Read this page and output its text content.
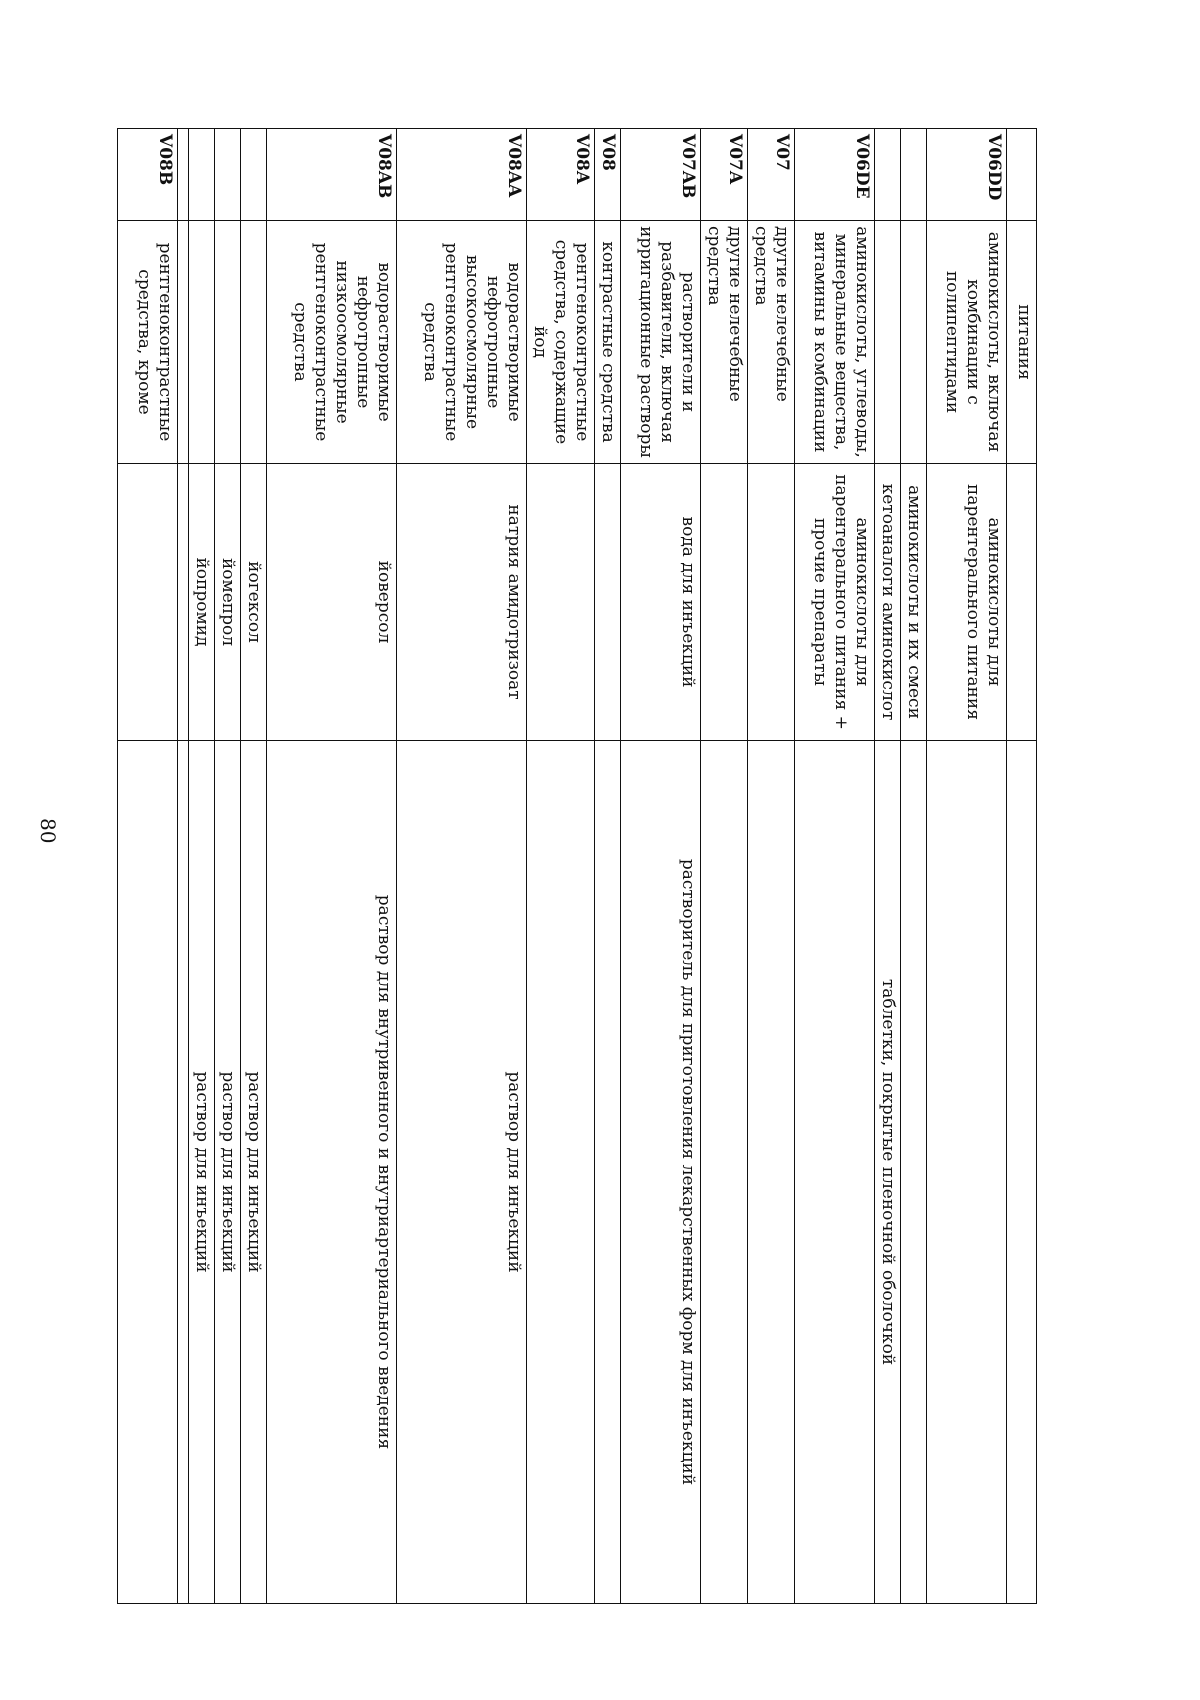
80
	питания		
V06DD	аминокислоты, включая комбинации с полипептидами	аминокислоты для парентерального питания	
		аминокислоты и их смеси	
		кетоаналоги аминокислот	таблетки, покрытые пленочной оболочкой
V06DE	аминокислоты, углеводы, минеральные вещества, витамины в комбинации	аминокислоты для парентерального питания + прочие препараты	
V07	другие нелечебные средства		
V07A	другие нелечебные средства		
V07AB	растворители и разбавители, включая ирригационные растворы	вода для инъекций	растворитель для приготовления лекарственных форм для инъекций
V08	контрастные средства		
V08A	рентгеноконтрастные средства, содержащие йод		
V08AA	водорастворимые нефротропные высокоосмолярные рентгеноконтрастные средства	натрия амидотризоат	раствор для инъекций
V08AB	водорастворимые нефротропные низкоосмолярные рентгеноконтрастные средства	йоверсол	раствор для внутривенного и внутриартериального введения
		йогексол	раствор для инъекций
		йомепрол	раствор для инъекций
		йопромид	раствор для инъекций

V08B	рентгеноконтрастные средства, кроме		
